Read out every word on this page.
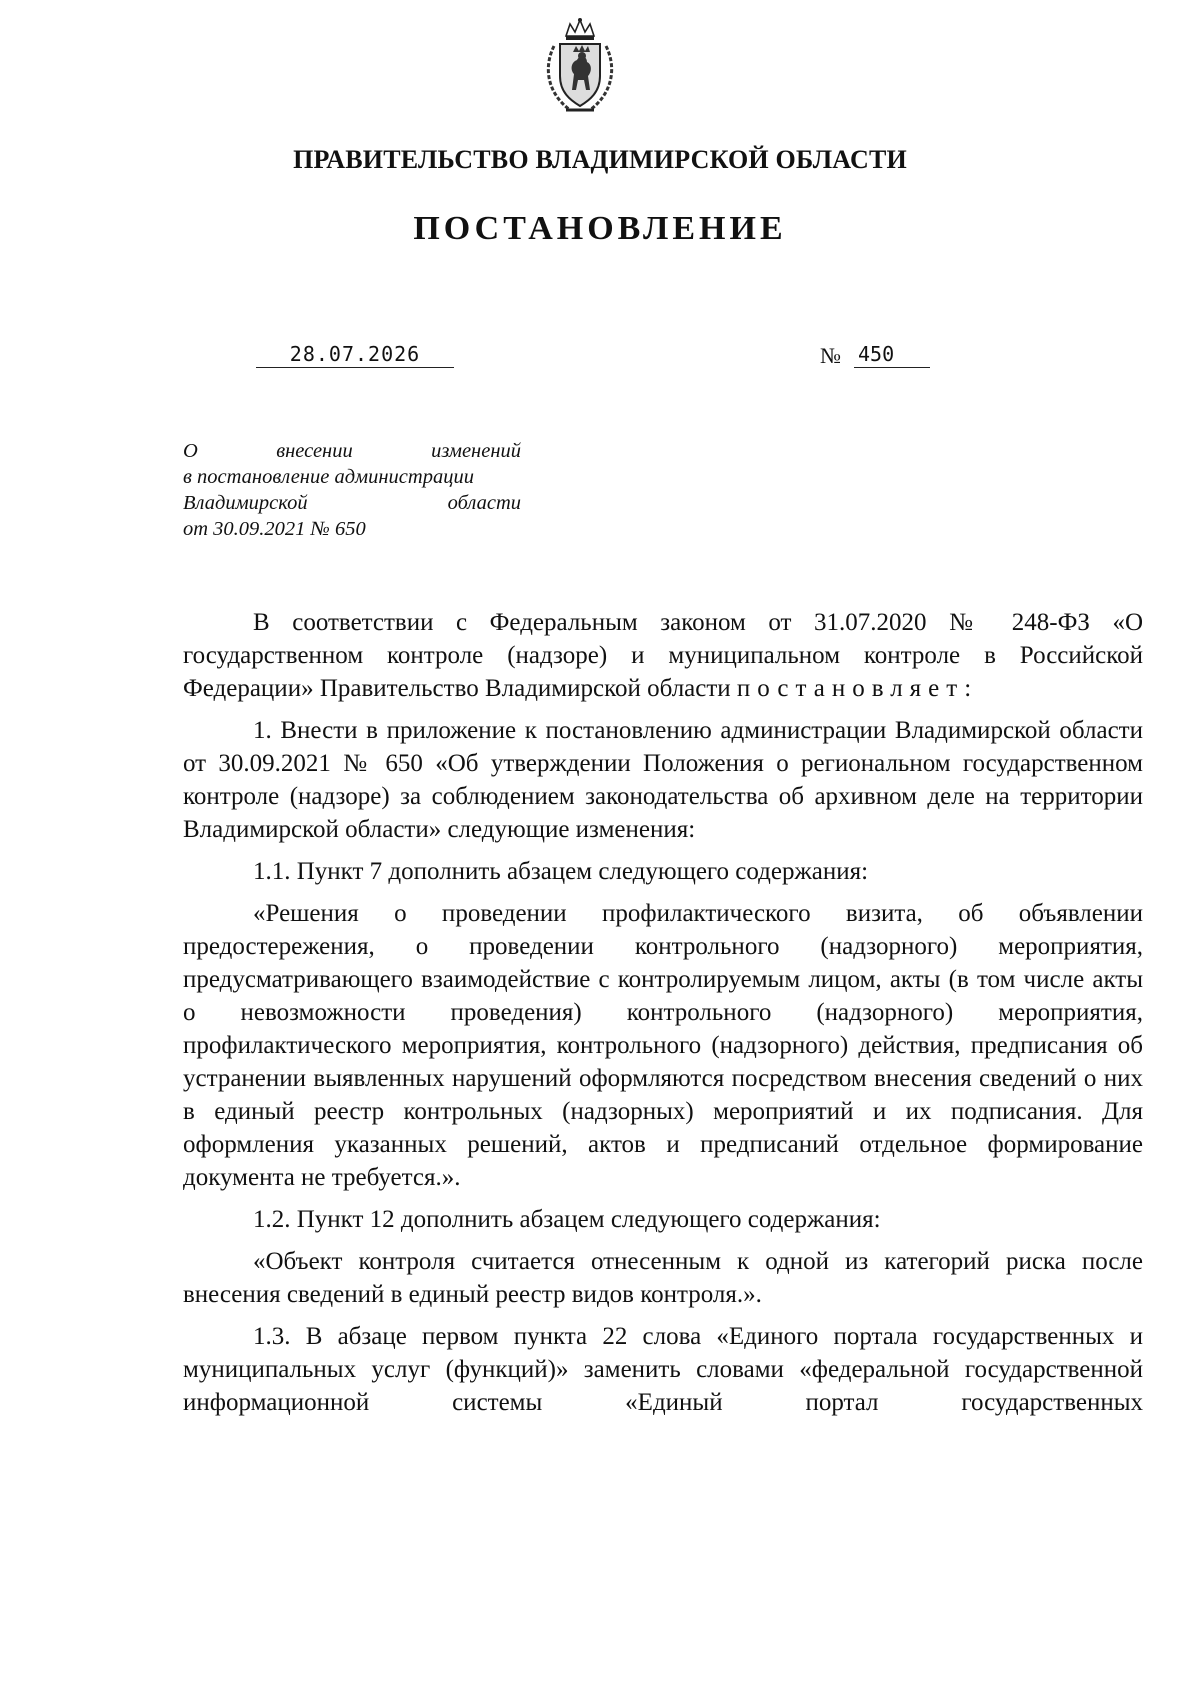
ПРАВИТЕЛЬСТВО ВЛАДИМИРСКОЙ ОБЛАСТИ
ПОСТАНОВЛЕНИЕ
28.07.2026	№ 450
О	внесении	изменений
в постановление администрации
Владимирской	области
от 30.09.2021 № 650

В соответствии с Федеральным законом от 31.07.2020 № 248-ФЗ «О государственном контроле (надзоре) и муниципальном контроле в Российской Федерации» Правительство Владимирской области постановляет:

1. Внести в приложение к постановлению администрации Владимирской области от 30.09.2021 № 650 «Об утверждении Положения о региональном государственном контроле (надзоре) за соблюдением законодательства об архивном деле на территории Владимирской области» следующие изменения:

1.1. Пункт 7 дополнить абзацем следующего содержания:

«Решения о проведении профилактического визита, об объявлении предостережения, о проведении контрольного (надзорного) мероприятия, предусматривающего взаимодействие с контролируемым лицом, акты (в том числе акты о невозможности проведения) контрольного (надзорного) мероприятия, профилактического мероприятия, контрольного (надзорного) действия, предписания об устранении выявленных нарушений оформляются посредством внесения сведений о них в единый реестр контрольных (надзорных) мероприятий и их подписания. Для оформления указанных решений, актов и предписаний отдельное формирование документа не требуется.».

1.2. Пункт 12 дополнить абзацем следующего содержания:

«Объект контроля считается отнесенным к одной из категорий риска после внесения сведений в единый реестр видов контроля.».

1.3. В абзаце первом пункта 22 слова «Единого портала государственных и муниципальных услуг (функций)» заменить словами «федеральной государственной информационной системы «Единый портал государственных
